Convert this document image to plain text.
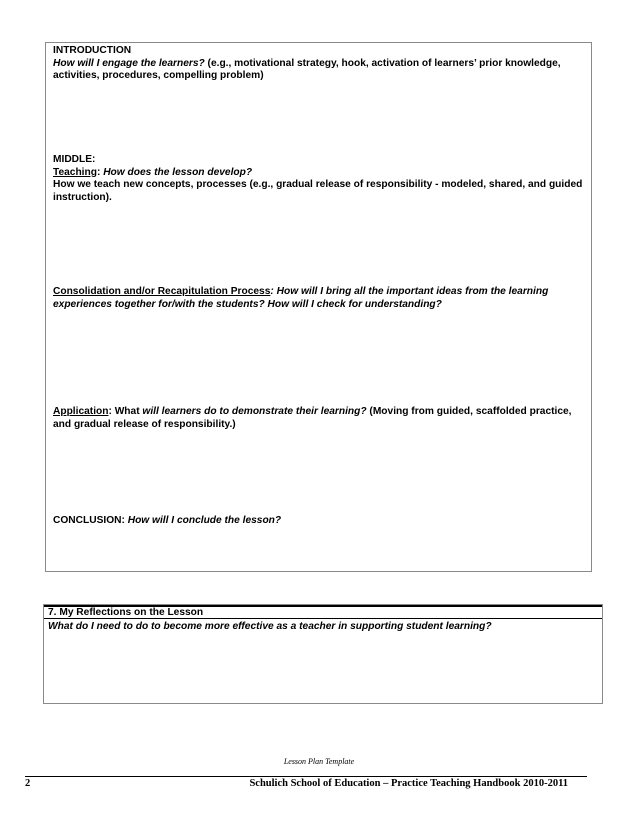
INTRODUCTION
How will I engage the learners? (e.g., motivational strategy, hook, activation of learners’ prior knowledge, activities, procedures, compelling problem)
MIDDLE:
Teaching: How does the lesson develop?
How we teach new concepts, processes (e.g., gradual release of responsibility - modeled, shared, and guided instruction).
Consolidation and/or Recapitulation Process: How will I bring all the important ideas from the learning experiences together for/with the students? How will I check for understanding?
Application: What will learners do to demonstrate their learning? (Moving from guided, scaffolded practice, and gradual release of responsibility.)
CONCLUSION: How will I conclude the lesson?
7. My Reflections on the Lesson
What do I need to do to become more effective as a teacher in supporting student learning?
Lesson Plan Template
2	Schulich School of Education – Practice Teaching Handbook 2010-2011
